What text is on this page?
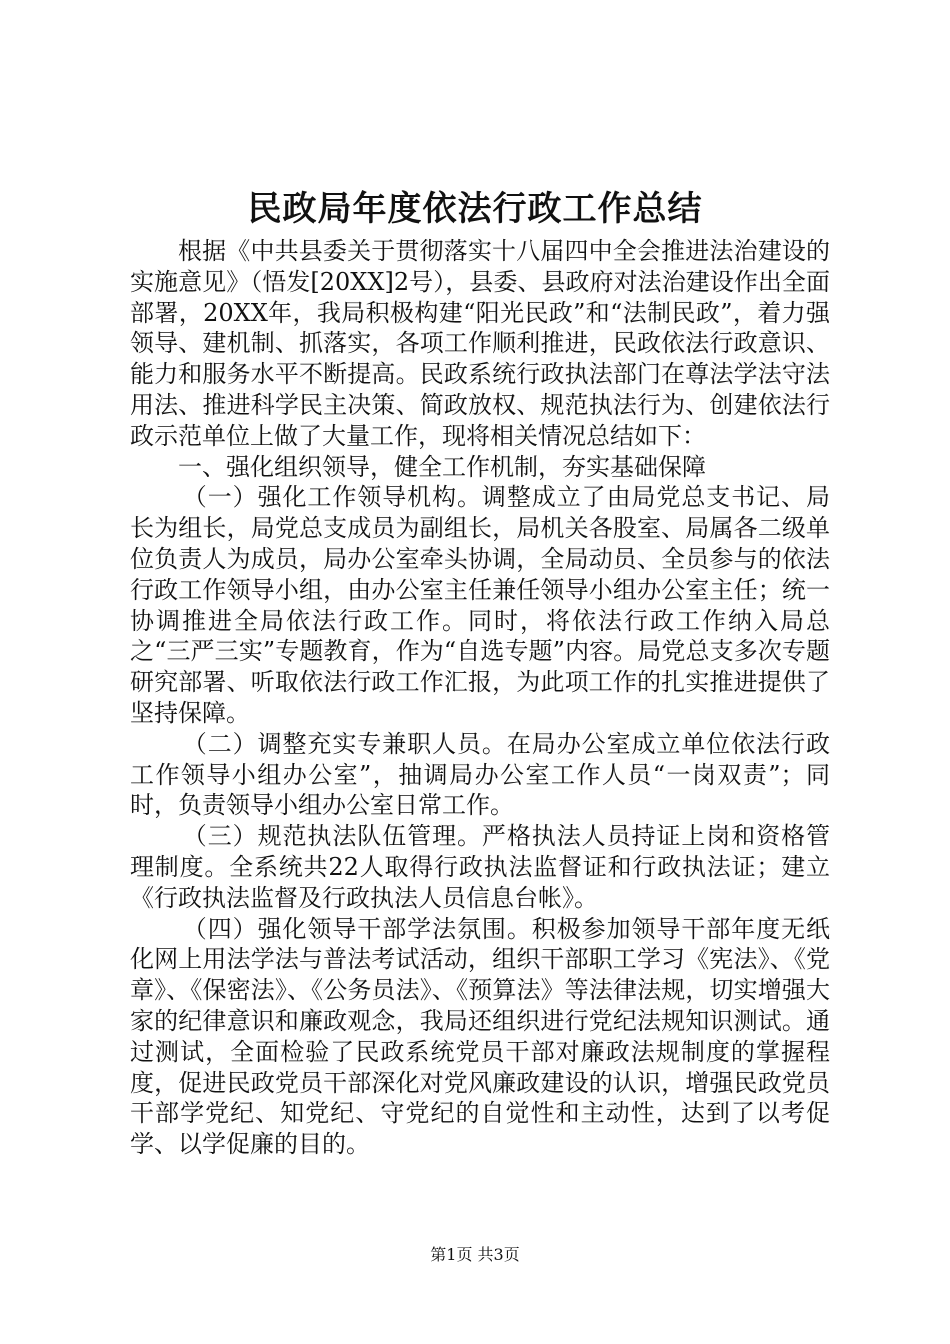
民政局年度依法行政工作总结

根据《中共县委关于贯彻落实十八届四中全会推进法治建设的实施意见》（悟发[20XX]2号），县委、县政府对法治建设作出全面部署，20XX年，我局积极构建“阳光民政”和“法制民政”，着力强领导、建机制、抓落实，各项工作顺利推进，民政依法行政意识、能力和服务水平不断提高。民政系统行政执法部门在尊法学法守法用法、推进科学民主决策、简政放权、规范执法行为、创建依法行政示范单位上做了大量工作，现将相关情况总结如下：

一、强化组织领导，健全工作机制，夯实基础保障

（一）强化工作领导机构。调整成立了由局党总支书记、局长为组长，局党总支成员为副组长，局机关各股室、局属各二级单位负责人为成员，局办公室牵头协调，全局动员、全员参与的依法行政工作领导小组，由办公室主任兼任领导小组办公室主任；统一协调推进全局依法行政工作。同时，将依法行政工作纳入局总之“三严三实”专题教育，作为“自选专题”内容。局党总支多次专题研究部署、听取依法行政工作汇报，为此项工作的扎实推进提供了坚持保障。

（二）调整充实专兼职人员。在局办公室成立单位依法行政工作领导小组办公室”，抽调局办公室工作人员“一岗双责”；同时，负责领导小组办公室日常工作。

（三）规范执法队伍管理。严格执法人员持证上岗和资格管理制度。全系统共22人取得行政执法监督证和行政执法证；建立《行政执法监督及行政执法人员信息台帐》。

（四）强化领导干部学法氛围。积极参加领导干部年度无纸化网上用法学法与普法考试活动，组织干部职工学习《宪法》、《党章》、《保密法》、《公务员法》、《预算法》等法律法规，切实增强大家的纪律意识和廉政观念，我局还组织进行党纪法规知识测试。通过测试，全面检验了民政系统党员干部对廉政法规制度的掌握程度，促进民政党员干部深化对党风廉政建设的认识，增强民政党员干部学党纪、知党纪、守党纪的自觉性和主动性，达到了以考促学、以学促廉的目的。

第1页 共3页
